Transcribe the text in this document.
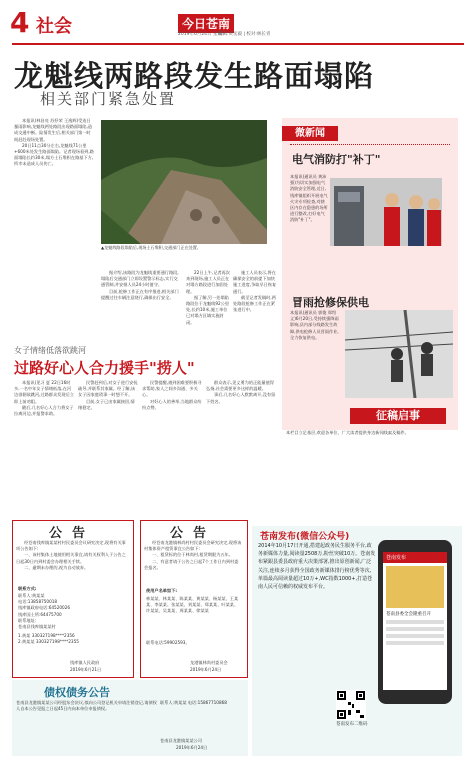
4 社会	今日苍南
2019年6月24日 星期一
编辑:黄丞毅 | 校对:林长青
龙魁线两路段发生路面塌陷
相关部门紧急处置

本报讯(林昌亮 苏抒荣 王逸辉)受连日暴雨影响,龙魁线两处路段出现路面塌陷,造成交通中断。险情发生后,相关部门第一时间赶赴现场处置。

20日11点30分左右,龙魁线71公里+600米处发生路面塌陷。记者现场看到,路面塌陷长约30米,塌方土石堆积在路基下方,所幸未造成人员伤亡。

▲龙魁线路段塌陷后,现场土石堆积,交通部门正在处置。

据介绍,该路段为龙魁线重要通行路段,塌陷后交通部门立即设置警示标志,实行交通管制,并安排人员24小时值守。

目前,抢修工作正在有序推进,相关部门提醒过往车辆注意绕行,确保出行安全。

22日上午,记者再次来到现场,施工人员正在对塌方路段进行加固处理。

据了解,另一处塌陷路段位于龙魁线92公里处,长约10米,施工单位已对塌方区域实施封闭。

施工人员表示,将在确保安全的前提下加快施工进度,争取早日恢复通行。

截至记者发稿时,两处路段抢修工作正在紧张进行中。

微新闻
电气消防打"补丁"
本报讯(通讯员 黄沛强)为切实加强电气消防安全管理,近日,钱库镇组织开展电气火灾专项检查,对辖区内存在隐患的场所进行整改,打好电气消防"补丁"。
冒雨抢修保供电
本报讯(通讯员 郭俊 郑绍义)6月20日,受持续强降雨影响,县内部分线路发生故障,供电抢修人员冒雨作业,全力恢复供电。
征稿启事
本栏目立足基层,欢迎各单位、广大读者提供身边新闻线索及稿件。
女子情绪低落欲跳河
过路好心人合力援手"捞人"

本报讯(见习 夏 22日16时多,一名中年女子情绪低落,在河边徘徊欲跳河,过路群众发现后立即上前劝阻。

随后,几名好心人合力将女子拉离河边,并报警求助。

民警赶到后,对女子进行安抚疏导,并联系其家属。经了解,该女子因家庭琐事一时想不开。

目前,女子已由家属接回,情绪稳定。

民警提醒,遇到困难要积极寻求帮助,家人之间多沟通、多关心。

对好心人的善举,当地群众纷纷点赞。

群众表示,见义勇为的正能量值得弘扬,社会需要更多这样的温暖。

事后,几名好心人默默离开,没有留下姓名。

公告

经苍南钱库镇某某村村民委员会议研究决定,现将有关事项公告如下:

一、该村集体土地使用相关事宜,请有关权利人于公告之日起30日内到村委会办理相关手续。

二、逾期未办理的,视为自动放弃。

联系方式:
联系人:黄某某
电话:13858750018
钱库镇政府电话:64520026
钱库国土所:64475700
联系地址:
苍南县钱库镇某某村
1.黄某 330327198****2356
2.黄某某 330327198****2355
钱库镇人民政府
2019年6月21日
公告

经苍南龙港镇林尚村村民委员会研究决定,现将该村集体资产租赁事宜公告如下:

一、租赁标的位于林尚村,租赁期限为五年。

二、有意者请于公告之日起7个工作日内到村委会报名。

使用户名单如下:
林某某、林某某、陈某某、黄某某、杨某某、王某某、李某某、张某某、刘某某、郑某某、叶某某、许某某、吴某某、周某某、徐某某
联系电话:59902593。
龙港镇林尚村委员会
2019年6月24日
苍南发布(微信公众号)
2014年10月17日开通,搭建起政务民生服务平台,政务新媒体力量,阅读量2508万,粉丝突破10万。苍南发布紧跟县委县政府重大决策部署,推出原创新闻,广泛关注,连续多月获得全国政务新媒体排行榜优秀等次,单篇最高阅读量超过10万+,WC指数1000+,打造苍南人民可信赖的权威发布平台。
苍南发布
苍南县委全会隆重召开
苍南发布二维码
债权债务公告
苍南县龙港镇某某公司经股东会决议,拟向公司登记机关申请注销登记,请债权人自本公告见报之日起45日内向本单位申报债权。
联系人:黄某某 电话:15867710868
苍南县龙港镇某某公司
2019年6月24日
